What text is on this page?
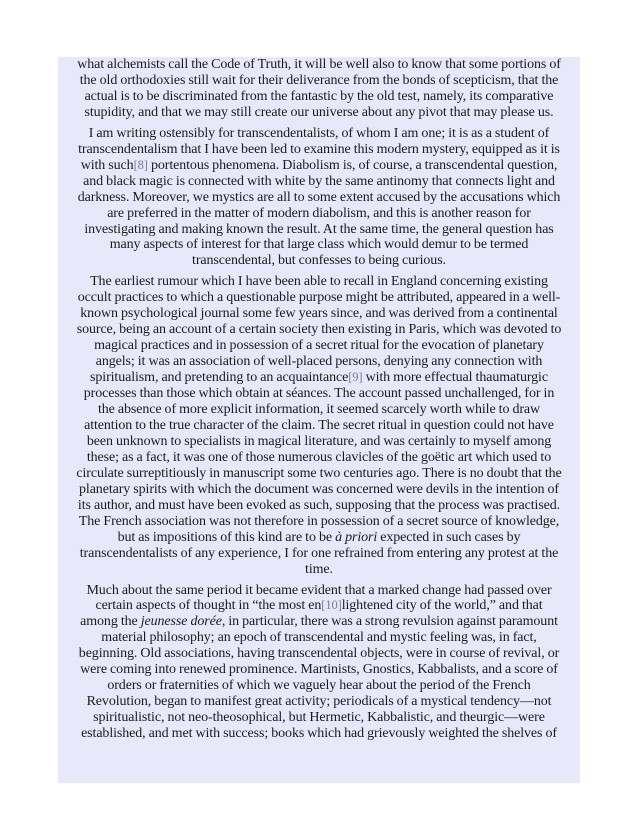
what alchemists call the Code of Truth, it will be well also to know that some portions of
the old orthodoxies still wait for their deliverance from the bonds of scepticism, that the
actual is to be discriminated from the fantastic by the old test, namely, its comparative
stupidity, and that we may still create our universe about any pivot that may please us.
I am writing ostensibly for transcendentalists, of whom I am one; it is as a student of
transcendentalism that I have been led to examine this modern mystery, equipped as it is
with such[8] portentous phenomena. Diabolism is, of course, a transcendental question,
and black magic is connected with white by the same antinomy that connects light and
darkness. Moreover, we mystics are all to some extent accused by the accusations which
are preferred in the matter of modern diabolism, and this is another reason for
investigating and making known the result. At the same time, the general question has
many aspects of interest for that large class which would demur to be termed
transcendental, but confesses to being curious.
The earliest rumour which I have been able to recall in England concerning existing
occult practices to which a questionable purpose might be attributed, appeared in a well-
known psychological journal some few years since, and was derived from a continental
source, being an account of a certain society then existing in Paris, which was devoted to
magical practices and in possession of a secret ritual for the evocation of planetary
angels; it was an association of well-placed persons, denying any connection with
spiritualism, and pretending to an acquaintance[9] with more effectual thaumaturgic
processes than those which obtain at séances. The account passed unchallenged, for in
the absence of more explicit information, it seemed scarcely worth while to draw
attention to the true character of the claim. The secret ritual in question could not have
been unknown to specialists in magical literature, and was certainly to myself among
these; as a fact, it was one of those numerous clavicles of the goëtic art which used to
circulate surreptitiously in manuscript some two centuries ago. There is no doubt that the
planetary spirits with which the document was concerned were devils in the intention of
its author, and must have been evoked as such, supposing that the process was practised.
The French association was not therefore in possession of a secret source of knowledge,
but as impositions of this kind are to be à priori expected in such cases by
transcendentalists of any experience, I for one refrained from entering any protest at the
time.
Much about the same period it became evident that a marked change had passed over
certain aspects of thought in “the most en[10]lightened city of the world,” and that
among the jeunesse dorée, in particular, there was a strong revulsion against paramount
material philosophy; an epoch of transcendental and mystic feeling was, in fact,
beginning. Old associations, having transcendental objects, were in course of revival, or
were coming into renewed prominence. Martinists, Gnostics, Kabbalists, and a score of
orders or fraternities of which we vaguely hear about the period of the French
Revolution, began to manifest great activity; periodicals of a mystical tendency—not
spiritualistic, not neo-theosophical, but Hermetic, Kabbalistic, and theurgic—were
established, and met with success; books which had grievously weighted the shelves of
